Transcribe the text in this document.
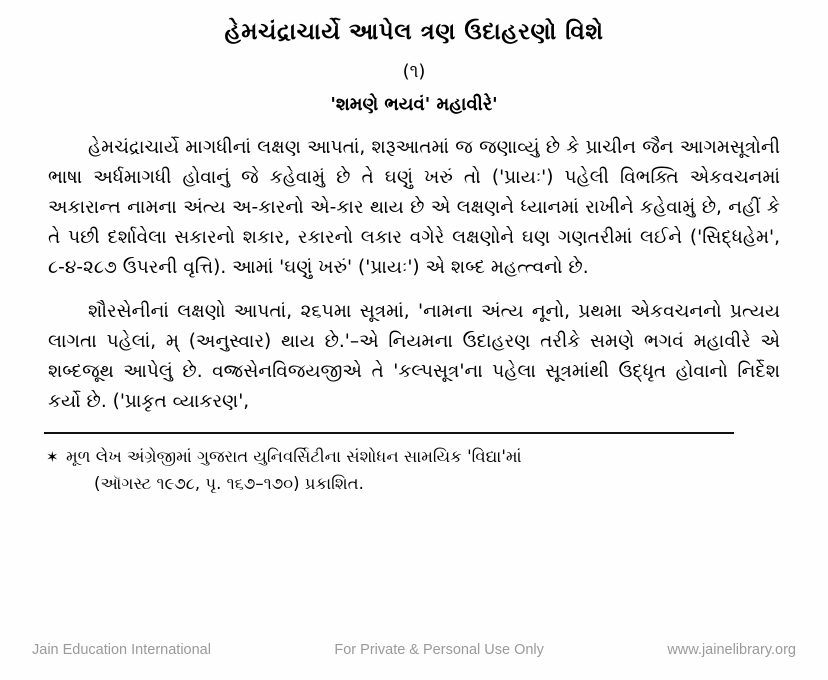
હેમચંદ્રાચાર્યે આપેલ ત્રણ ઉદાહરણો વિશે
(૧)
'શમણે ભયવં' મહાવીરે'

હેમચંદ્રાચાર્યે માગધીનાં લક્ષણ આપતાં, શરૂઆતમાં જ જણાવ્યું છે કે પ્રાચીન જૈન આગમસૂત્રોની ભાષા અર્ધમાગધી હોવાનું જે કહેવામું છે તે ઘણું ખરું તો ('પ્રાયઃ') પહેલી વિભક્તિ એકવચનમાં અકારાન્ત નામના અંત્ય અ-કારનો એ-કાર થાય છે એ લક્ષણને ધ્યાનમાં રાખીને કહેવામું છે, નહીં કે તે પછી દર્શાવેલા સકારનો શકાર, રકારનો લકાર વગેરે લક્ષણોને ઘણ ગણતરીમાં લઈને ('સિદ્ધહેમ', ૮-૪-૨૮૭ ઉપરની વૃત્તિ). આમાં 'ઘણું ખરું' ('પ્રાયઃ') એ શબ્દ મહત્ત્વનો છે.

શૌરસેનીનાં લક્ષણો આપતાં, ૨૬૫મા સૂત્રમાં, 'નામના અંત્ય નૂનો, પ્રથમા એકવચનનો પ્રત્યય લાગતા પહેલાં, મ્ (અનુસ્વાર) થાય છે.'–એ નિયમના ઉદાહરણ તરીકે સમણે ભગવં મહાવીરે એ શબ્દજૂથ આપેલું છે. વજ્રસેનવિજયજીએ તે 'કલ્પસૂત્ર'ના પહેલા સૂત્રમાંથી ઉદ્ધૃત હોવાનો નિર્દેશ કર્યો છે. ('પ્રાકૃત વ્યાકરણ',

✶ મૂળ લેખ અંગ્રેજીમાં ગુજરાત યુનિવર્સિટીના સંશોધન સામયિક 'વિદ્યા'માં
(ઑગસ્ટ ૧૯૭૮, પૃ. ૧૬૭–૧૭૦) પ્રકાશિત.
Jain Education International	For Private & Personal Use Only	www.jainelibrary.org
